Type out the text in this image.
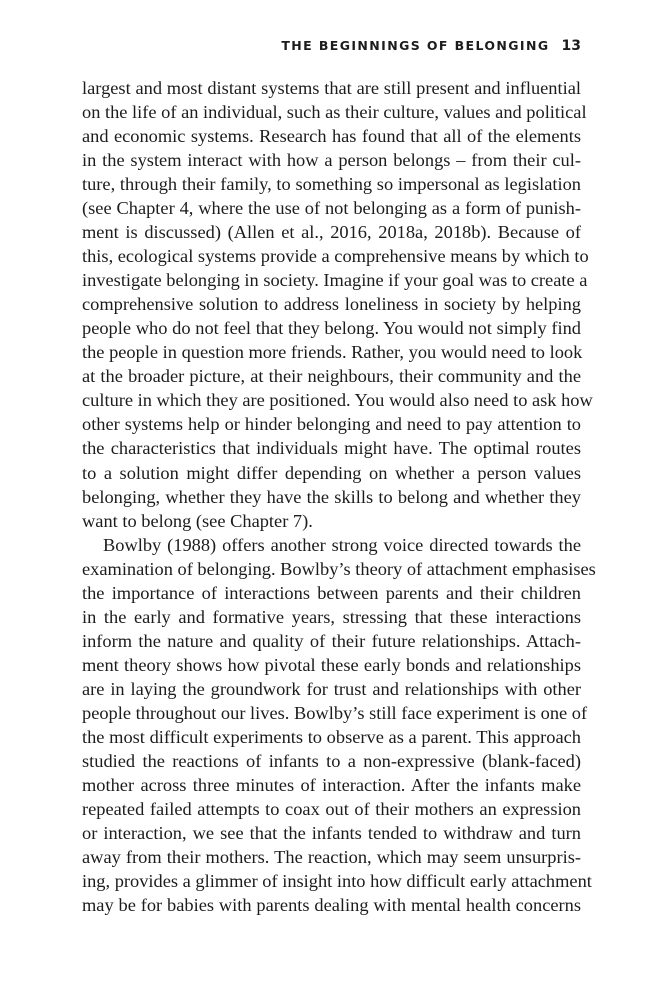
THE BEGINNINGS OF BELONGING 13
largest and most distant systems that are still present and influential
on the life of an individual, such as their culture, values and political
and economic systems. Research has found that all of the elements
in the system interact with how a person belongs – from their cul-
ture, through their family, to something so impersonal as legislation
(see Chapter 4, where the use of not belonging as a form of punish-
ment is discussed) (Allen et al., 2016, 2018a, 2018b). Because of
this, ecological systems provide a comprehensive means by which to
investigate belonging in society. Imagine if your goal was to create a
comprehensive solution to address loneliness in society by helping
people who do not feel that they belong. You would not simply find
the people in question more friends. Rather, you would need to look
at the broader picture, at their neighbours, their community and the
culture in which they are positioned. You would also need to ask how
other systems help or hinder belonging and need to pay attention to
the characteristics that individuals might have. The optimal routes
to a solution might differ depending on whether a person values
belonging, whether they have the skills to belong and whether they
want to belong (see Chapter 7).
Bowlby (1988) offers another strong voice directed towards the
examination of belonging. Bowlby’s theory of attachment emphasises
the importance of interactions between parents and their children
in the early and formative years, stressing that these interactions
inform the nature and quality of their future relationships. Attach-
ment theory shows how pivotal these early bonds and relationships
are in laying the groundwork for trust and relationships with other
people throughout our lives. Bowlby’s still face experiment is one of
the most difficult experiments to observe as a parent. This approach
studied the reactions of infants to a non-expressive (blank-faced)
mother across three minutes of interaction. After the infants make
repeated failed attempts to coax out of their mothers an expression
or interaction, we see that the infants tended to withdraw and turn
away from their mothers. The reaction, which may seem unsurpris-
ing, provides a glimmer of insight into how difficult early attachment
may be for babies with parents dealing with mental health concerns
